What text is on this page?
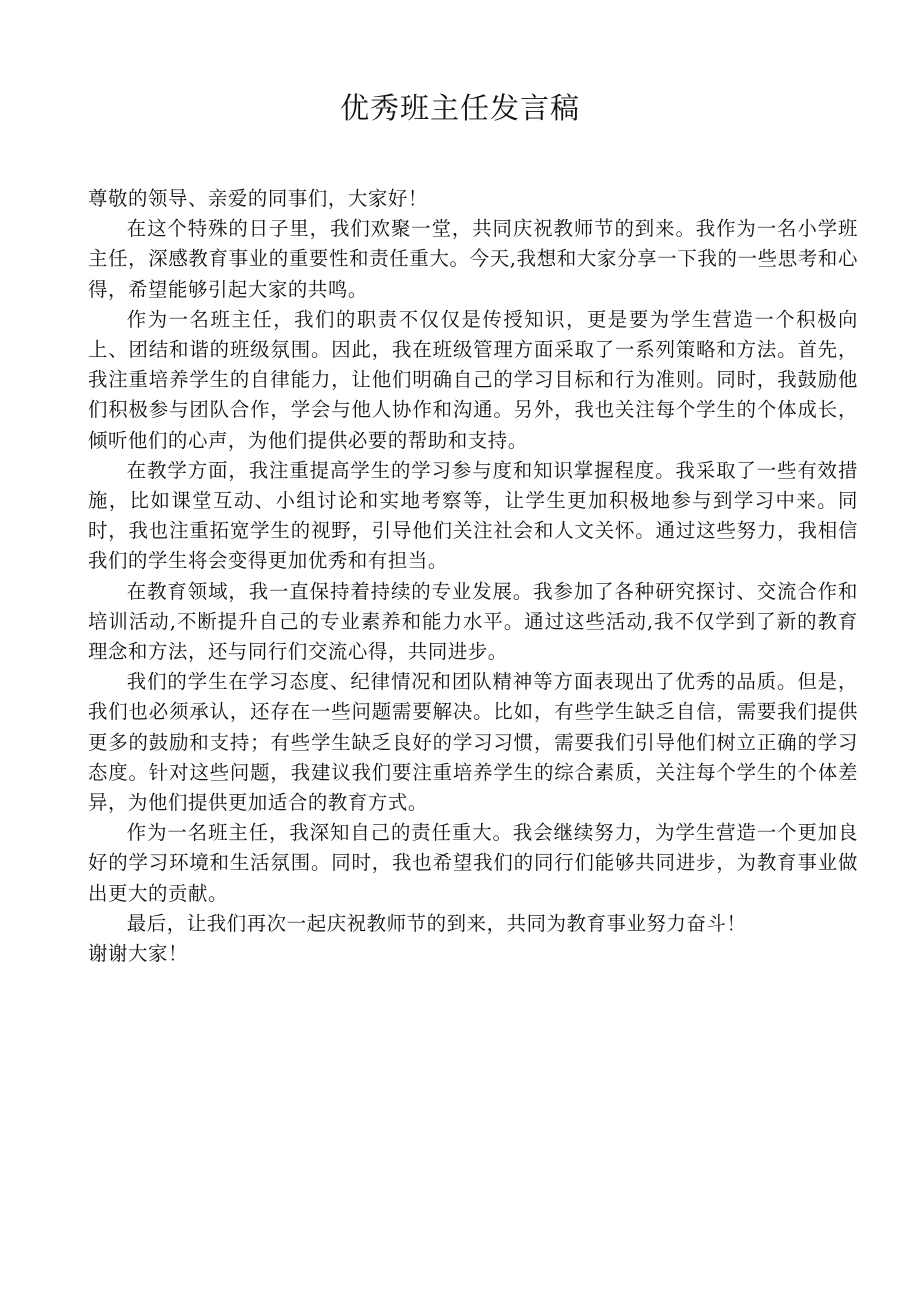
优秀班主任发言稿

尊敬的领导、亲爱的同事们，大家好！

在这个特殊的日子里，我们欢聚一堂，共同庆祝教师节的到来。我作为一名小学班主任，深感教育事业的重要性和责任重大。今天,我想和大家分享一下我的一些思考和心得，希望能够引起大家的共鸣。

作为一名班主任，我们的职责不仅仅是传授知识，更是要为学生营造一个积极向上、团结和谐的班级氛围。因此，我在班级管理方面采取了一系列策略和方法。首先，我注重培养学生的自律能力，让他们明确自己的学习目标和行为准则。同时，我鼓励他们积极参与团队合作，学会与他人协作和沟通。另外，我也关注每个学生的个体成长，倾听他们的心声，为他们提供必要的帮助和支持。

在教学方面，我注重提高学生的学习参与度和知识掌握程度。我采取了一些有效措施，比如课堂互动、小组讨论和实地考察等，让学生更加积极地参与到学习中来。同时，我也注重拓宽学生的视野，引导他们关注社会和人文关怀。通过这些努力，我相信我们的学生将会变得更加优秀和有担当。

在教育领域，我一直保持着持续的专业发展。我参加了各种研究探讨、交流合作和培训活动,不断提升自己的专业素养和能力水平。通过这些活动,我不仅学到了新的教育理念和方法，还与同行们交流心得，共同进步。

我们的学生在学习态度、纪律情况和团队精神等方面表现出了优秀的品质。但是，我们也必须承认，还存在一些问题需要解决。比如，有些学生缺乏自信，需要我们提供更多的鼓励和支持；有些学生缺乏良好的学习习惯，需要我们引导他们树立正确的学习态度。针对这些问题，我建议我们要注重培养学生的综合素质，关注每个学生的个体差异，为他们提供更加适合的教育方式。

作为一名班主任，我深知自己的责任重大。我会继续努力，为学生营造一个更加良好的学习环境和生活氛围。同时，我也希望我们的同行们能够共同进步，为教育事业做出更大的贡献。

最后，让我们再次一起庆祝教师节的到来，共同为教育事业努力奋斗！

谢谢大家！
